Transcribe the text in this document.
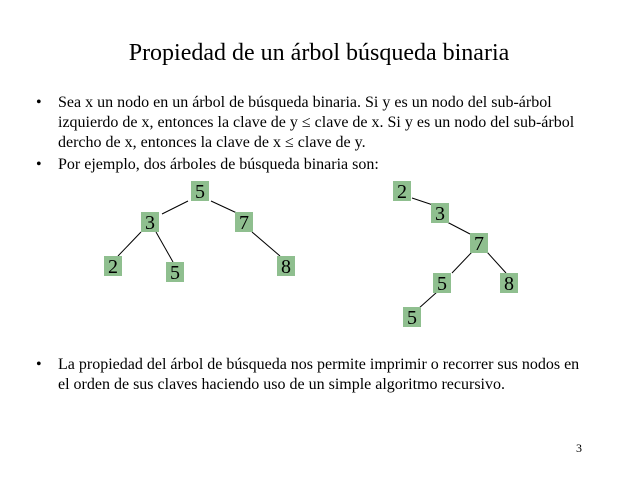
Propiedad de un árbol búsqueda binaria
• Sea x un nodo en un árbol de búsqueda binaria. Si y es un nodo del sub-árbol izquierdo de x, entonces la clave de y ≤ clave de x. Si y es un nodo del sub-árbol dercho de x, entonces la clave de x ≤ clave de y.
• Por ejemplo, dos árboles de búsqueda binaria son:
5
3	7
2	5	8
2
3
7
5	8
5
• La propiedad del árbol de búsqueda nos permite imprimir o recorrer sus nodos en el orden de sus claves haciendo uso de un simple algoritmo recursivo.
3
